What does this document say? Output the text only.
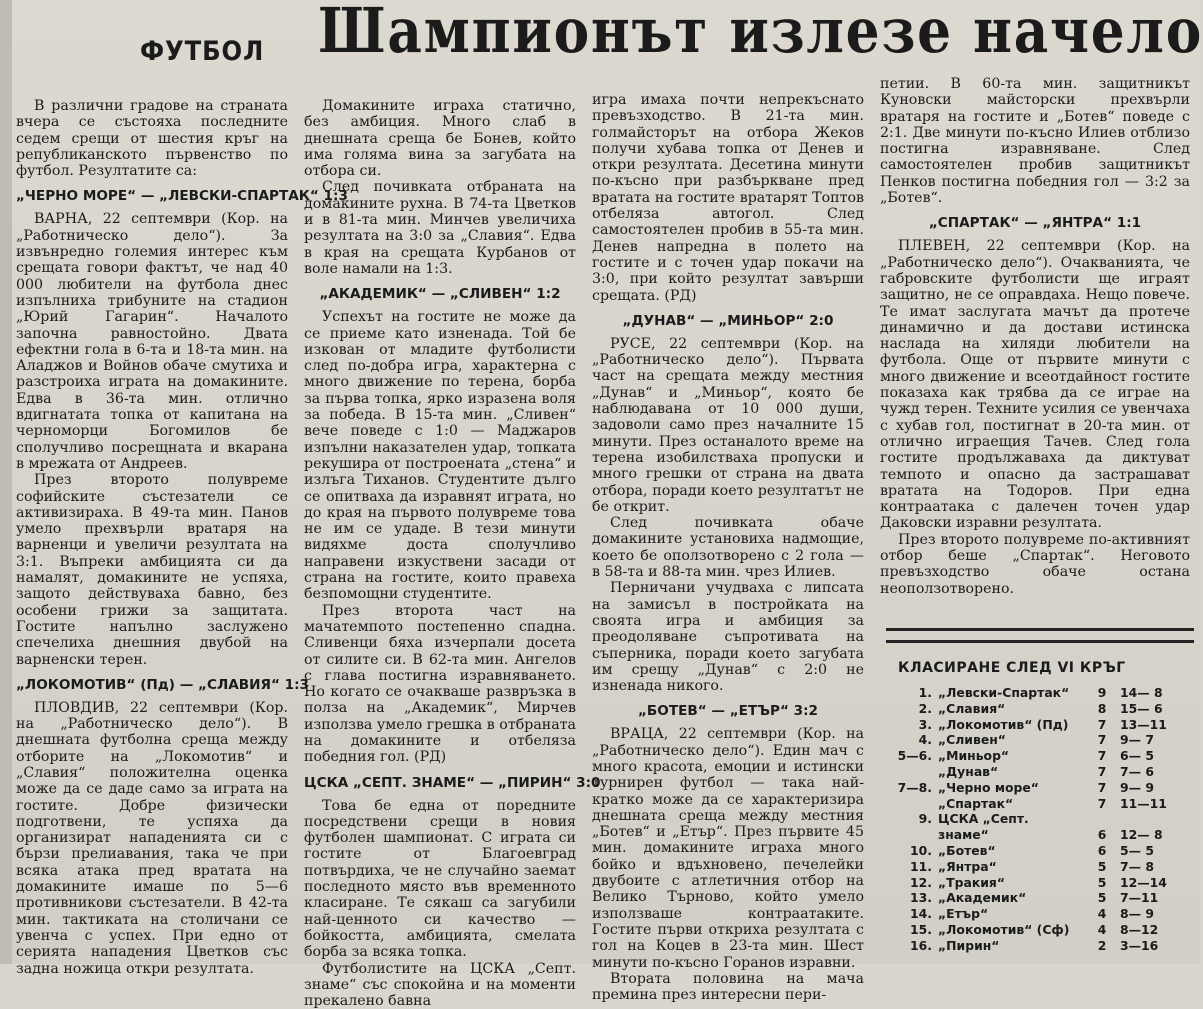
ФУТБОЛ Шампионът излезе начело

В различни градове на страната вчера се състояха последните седем срещи от шестия кръг на републиканското първенство по футбол. Резултатите са:

„ЧЕРНО МОРЕ“ — „ЛЕВСКИ-СПАРТАК“ 1:3

ВАРНА, 22 септември (Кор. на „Работническо дело“). За извънредно големия интерес към срещата говори фактът, че над 40 000 любители на футбола днес изпълниха трибуните на стадион „Юрий Гагарин“. Началото започна равностойно. Двата ефектни гола в 6-та и 18-та мин. на Аладжов и Войнов обаче смутиха и разстроиха играта на домакините. Едва в 36-та мин. отлично вдигнатата топка от капитана на черноморци Богомилов бе сполучливо посрещната и вкарана в мрежата от Андреев.

През второто полувреме софийските състезатели се активизираха. В 49-та мин. Панов умело прехвърли вратаря на варненци и увеличи резултата на 3:1. Въпреки амбицията си да намалят, домакините не успяха, защото действуваха бавно, без особени грижи за защитата. Гостите напълно заслужено спечелиха днешния двубой на варненски терен.

„ЛОКОМОТИВ“ (Пд) — „СЛАВИЯ“ 1:3

ПЛОВДИВ, 22 септември (Кор. на „Работническо дело“). В днешната футболна среща между отборите на „Локомотив“ и „Славия“ положителна оценка може да се даде само за играта на гостите. Добре физически подготвени, те успяха да организират нападенията си с бързи прелиавания, така че при всяка атака пред вратата на домакините имаше по 5—6 противникови състезатели. В 42-та мин. тактиката на столичани се увенча с успех. При едно от серията нападения Цветков със задна ножица откри резултата.

Домакините играха статично, без амбиция. Много слаб в днешната среща бе Бонев, който има голяма вина за загубата на отбора си.

След почивката отбраната на домакините рухна. В 74-та Цветков и в 81-та мин. Минчев увеличиха резултата на 3:0 за „Славия“. Едва в края на срещата Курбанов от воле намали на 1:3.

„АКАДЕМИК“ — „СЛИВЕН“ 1:2

Успехът на гостите не може да се приеме като изненада. Той бе изкован от младите футболисти след по-добра игра, характерна с много движение по терена, борба за първа топка, ярко изразена воля за победа. В 15-та мин. „Сливен“ вече поведе с 1:0 — Маджаров изпълни наказателен удар, топката рекушира от построената „стена“ и излъга Тиханов. Студентите дълго се опитваха да изравнят играта, но до края на първото полувреме това не им се удаде. В тези минути видяхме доста сполучливо направени изкуствени засади от страна на гостите, които правеха безпомощни студентите.

През второта част на мачатемпото постепенно спадна. Сливенци бяха изчерпали досета от силите си. В 62-та мин. Ангелов с глава постигна изравняването. Но когато се очакваше развръзка в полза на „Академик“, Мирчев използва умело грешка в отбраната на домакините и отбеляза победния гол. (РД)

ЦСКА „СЕПТ. ЗНАМЕ“ — „ПИРИН“ 3:0

Това бе една от поредните посредствени срещи в новия футболен шампионат. С играта си гостите от Благоевград потвърдиха, че не случайно заемат последното място във временното класиране. Те сякаш са загубили най-ценното си качество — бойкостта, амбицията, смелата борба за всяка топка.

Футболистите на ЦСКА „Септ. знаме“ със спокойна и на моменти прекалено бавна

игра имаха почти непрекъснато превъзходство. В 21-та мин. голмайсторът на отбора Жеков получи хубава топка от Денев и откри резултата. Десетина минути по-късно при разбъркване пред вратата на гостите вратарят Топтов отбеляза автогол. След самостоятелен пробив в 55-та мин. Денев напредна в полето на гостите и с точен удар покачи на 3:0, при който резултат завърши срещата. (РД)

„ДУНАВ“ — „МИНЬОР“ 2:0

РУСЕ, 22 септември (Кор. на „Работническо дело“). Първата част на срещата между местния „Дунав“ и „Миньор“, която бе наблюдавана от 10 000 души, задоволи само през началните 15 минути. През останалото време на терена изобилстваха пропуски и много грешки от страна на двата отбора, поради което резултатът не бе открит.

След почивката обаче домакините установиха надмощие, което бе оползотворено с 2 гола — в 58-та и 88-та мин. чрез Илиев.

Перничани учудваха с липсата на замисъл в постройката на своята игра и амбиция за преодоляване съпротивата на съперника, поради което загубата им срещу „Дунав“ с 2:0 не изненада никого.

„БОТЕВ“ — „ЕТЪР“ 3:2

ВРАЦА, 22 септември (Кор. на „Работническо дело“). Един мач с много красота, емоции и истински турнирен футбол — така най-кратко може да се характеризира днешната среща между местния „Ботев“ и „Етър“. През първите 45 мин. домакините играха много бойко и вдъхновено, печелейки двубоите с атлетичния отбор на Велико Търново, който умело използваше контраатаките. Гостите първи откриха резултата с гол на Коцев в 23-та мин. Шест минути по-късно Горанов изравни.

Втората половина на мача премина през интересни пери-

петии. В 60-та мин. защитникът Куновски майсторски прехвърли вратаря на гостите и „Ботев“ поведе с 2:1. Две минути по-късно Илиев отблизо постигна изравняване. След самостоятелен пробив защитникът Пенков постигна победния гол — 3:2 за „Ботев“.

„СПАРТАК“ — „ЯНТРА“ 1:1

ПЛЕВЕН, 22 септември (Кор. на „Работническо дело“). Очакванията, че габровските футболисти ще играят защитно, не се оправдаха. Нещо повече. Те имат заслугата мачът да протече динамично и да достави истинска наслада на хиляди любители на футбола. Още от първите минути с много движение и всеотдайност гостите показаха как трябва да се играе на чужд терен. Техните усилия се увенчаха с хубав гол, постигнат в 20-та мин. от отлично играещия Тачев. След гола гостите продължаваха да диктуват темпото и опасно да застрашават вратата на Тодоров. При една контраатака с далечен точен удар Даковски изравни резултата.

През второто полувреме по-активният отбор беше „Спартак“. Неговото превъзходство обаче остана неоползотворено.

КЛАСИРАНЕ СЛЕД VI КРЪГ
1. „Левски-Спартак“	9	14— 8
2. „Славия“	8	15— 6
3. „Локомотив“ (Пд)	7	13—11
4. „Сливен“	7	9— 7
5—6. „Миньор“	7	6— 5
„Дунав“	7	7— 6
7—8. „Черно море“	7	9— 9
„Спартак“	7	11—11
9. ЦСКА „Септ.
знаме“	6	12— 8
10. „Ботев“	6	5— 5
11. „Янтра“	5	7— 8
12. „Тракия“	5	12—14
13. „Академик“	5	7—11
14. „Етър“	4	8— 9
15. „Локомотив“ (Сф)	4	8—12
16. „Пирин“	2	3—16
